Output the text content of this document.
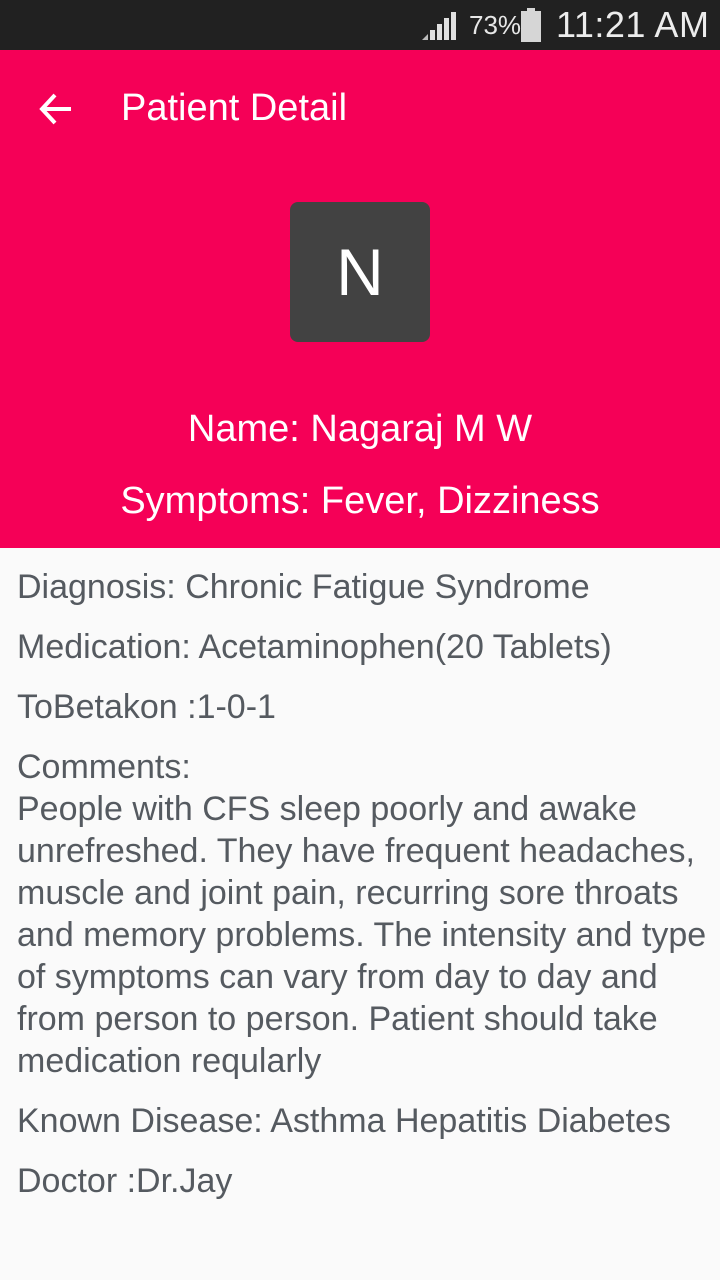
73% 11:21 AM
Patient Detail
N
Name: Nagaraj M W
Symptoms: Fever, Dizziness
Diagnosis: Chronic Fatigue Syndrome
Medication: Acetaminophen(20 Tablets)
ToBetakon :1-0-1
Comments:
People with CFS sleep poorly and awake unrefreshed. They have frequent headaches, muscle and joint pain, recurring sore throats and memory problems. The intensity and type of symptoms can vary from day to day and from person to person. Patient should take medication reqularly
Known Disease: Asthma Hepatitis Diabetes
Doctor :Dr.Jay
